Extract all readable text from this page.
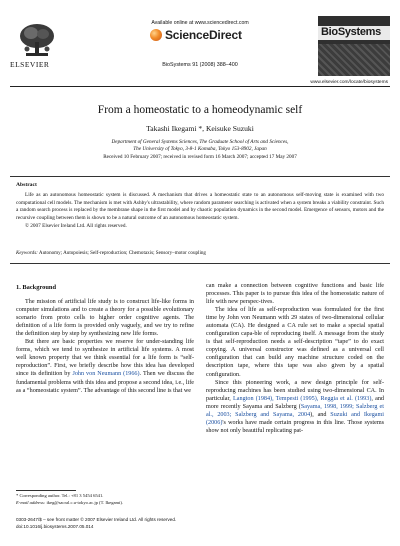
Available online at www.sciencedirect.com
ScienceDirect
ELSEVIER	BioSystems 91 (2008) 388–400
BioSystems
www.elsevier.com/locate/biosystems
From a homeostatic to a homeodynamic self
Takashi Ikegami *, Keisuke Suzuki
Department of General Systems Sciences, The Graduate School of Arts and Sciences,
The University of Tokyo, 3-8-1 Komaba, Tokyo 153-8902, Japan
Received 10 February 2007; received in revised form 16 March 2007; accepted 17 May 2007
Abstract
Life as an autonomous homeostatic system is discussed. A mechanism that drives a homeostatic state to an autonomous self-moving state is examined with two computational cell models. The mechanism is met with Ashby's ultrastability, where random parameter searching is activated when a system breaks a viability constraint. Such a random search process is replaced by the membrane shape in the first model and by chaotic population dynamics in the second model. Emergence of sensors, motors and the recursive coupling between them is shown to be a natural outcome of an autonomous homeostatic system.
© 2007 Elsevier Ireland Ltd. All rights reserved.
Keywords: Autonomy; Autopoiesis; Self-reproduction; Chemotaxis; Sensory–motor coupling
1. Background

The mission of artificial life study is to construct life-like forms in computer simulations and to create a theory for a possible evolutionary scenario from proto cells to higher order cognitive agents. The definition of a life form is provided only vaguely, and we try to refine the definition step by step by synthesizing new life forms.

But there are basic properties we reserve for under-standing life forms, which we tend to synthesize in artificial life systems. A most well known property that we think essential for a life form is “self-reproduction”. First, we briefly describe how this idea has developed since its definition by John von Neumann (1966). Then we discuss the fundamental problems with this idea and propose a second idea, i.e., life as a “homeostatic system”. The advantage of this second line is that we

can make a connection between cognitive functions and basic life processes. This paper is to pursue this idea of the homeostatic nature of life with new perspec-tives.

The idea of life as self-reproduction was formulated for the first time by John von Neumann with 29 states of two-dimensional cellular automata (CA). He designed a CA rule set to make a special spatial configuration capa-ble of reproducing itself. A message from the study is that self-reproduction needs a self-description “tape” to do exact copying. A universal constructor was defined as a universal cell configuration that can build any machine structure coded on the description tape, where this tape was also given by a spatial configuration.

Since this pioneering work, a new design principle for self-reproducing machines has been studied using two-dimensional CA. In particular, Langton (1984), Tempesti (1995), Reggia et al. (1993), and more recently Sayama and Salzberg (Sayama, 1998, 1999; Salzberg et al., 2003; Salzberg and Sayama, 2004), and Suzuki and Ikegami (2006)'s works have made certain progress in this line. Those systems show not only beautiful replicating pat-

* Corresponding author. Tel.: +81 3 5454 6541.
E-mail address: ikeg@sacral.c.u-tokyo.ac.jp (T. Ikegami).
0303-2647/$ – see front matter © 2007 Elsevier Ireland Ltd. All rights reserved.
doi:10.1016/j.biosystems.2007.05.014
